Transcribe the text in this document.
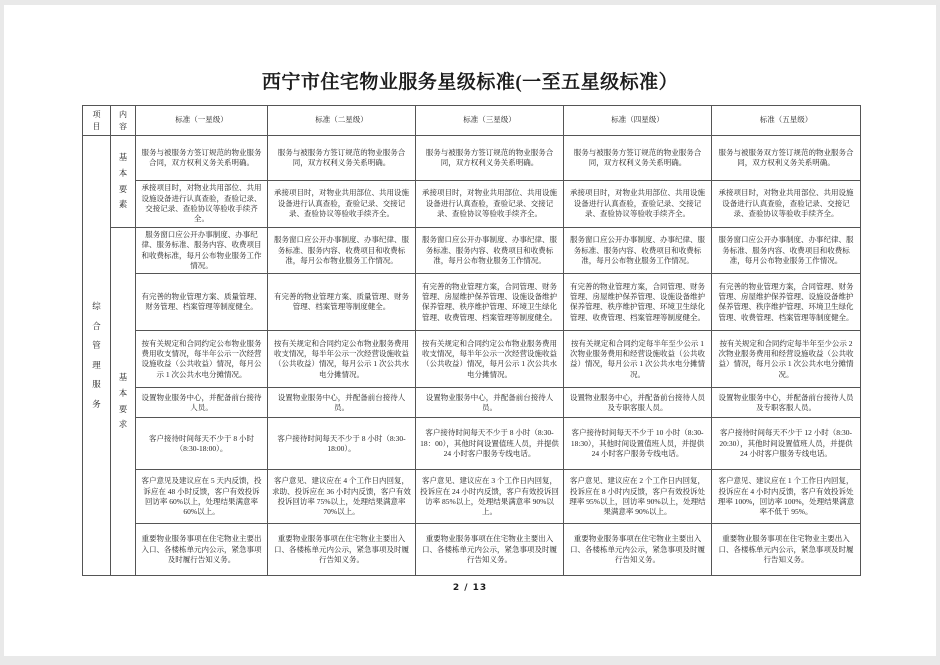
西宁市住宅物业服务星级标准(一至五星级标准）
项目	内容	标准（一星级）	标准（二星级）	标准（三星级）	标准（四星级）	标准（五星级）
综合管理服务	基本要素	服务与被服务方签订规范的物业服务合同，双方权利义务关系明确。	服务与被服务方签订规范的物业服务合同，双方权利义务关系明确。	服务与被服务方签订规范的物业服务合同，双方权利义务关系明确。	服务与被服务方签订规范的物业服务合同，双方权利义务关系明确。	服务与被服务双方签订规范的物业服务合同，双方权利义务关系明确。
		承接项目时，对物业共用部位、共用设施设备进行认真查验，查验记录、交接记录、查验协议等验收手续齐全。	承接项目时，对物业共用部位、共用设施设备进行认真查验，查验记录、交接记录、查验协议等验收手续齐全。	承接项目时，对物业共用部位、共用设施设备进行认真查验，查验记录、交接记录、查验协议等验收手续齐全。	承接项目时，对物业共用部位、共用设施设备进行认真查验，查验记录、交接记录、查验协议等验收手续齐全。	承接项目时，对物业共用部位、共用设施设备进行认真查验，查验记录、交接记录、查验协议等验收手续齐全。
	基本要求	服务窗口应公开办事制度、办事纪律、服务标准、服务内容、收费项目和收费标准，每月公布物业服务工作情况。	服务窗口应公开办事制度、办事纪律、服务标准、服务内容、收费项目和收费标准，每月公布物业服务工作情况。	服务窗口应公开办事制度、办事纪律、服务标准、服务内容、收费项目和收费标准，每月公布物业服务工作情况。	服务窗口应公开办事制度、办事纪律、服务标准、服务内容、收费项目和收费标准，每月公布物业服务工作情况。	服务窗口应公开办事制度、办事纪律、服务标准、服务内容、收费项目和收费标准，每月公布物业服务工作情况。
		有完善的物业管理方案、质量管理、财务管理、档案管理等制度健全。	有完善的物业管理方案、质量管理、财务管理、档案管理等制度健全。	有完善的物业管理方案，合同管理、财务管理、房屋维护保养管理、设施设备维护保养管理、秩序维护管理、环境卫生绿化管理、收费管理、档案管理等制度健全。	有完善的物业管理方案，合同管理、财务管理、房屋维护保养管理、设施设备维护保养管理、秩序维护管理、环境卫生绿化管理、收费管理、档案管理等制度健全。	有完善的物业管理方案，合同管理、财务管理、房屋维护保养管理、设施设备维护保养管理、秩序维护管理、环境卫生绿化管理、收费管理、档案管理等制度健全。
		按有关规定和合同约定公布物业服务费用收支情况，每半年公示一次经营设施收益（公共收益）情况，每月公示 1 次公共水电分摊情况。	按有关规定和合同约定公布物业服务费用收支情况，每半年公示一次经营设施收益（公共收益）情况，每月公示 1 次公共水电分摊情况。	按有关规定和合同约定公布物业服务费用收支情况，每半年公示一次经营设施收益（公共收益）情况，每月公示 1 次公共水电分摊情况。	按有关规定和合同约定每半年至少公示 1 次物业服务费用和经营设施收益（公共收益）情况，每月公示 1 次公共水电分摊情况。	按有关规定和合同约定每半年至少公示 2 次物业服务费用和经营设施收益（公共收益）情况，每月公示 1 次公共水电分摊情况。
		设置物业服务中心，并配备前台接待人员。	设置物业服务中心，并配备前台接待人员。	设置物业服务中心，并配备前台接待人员。	设置物业服务中心，并配备前台接待人员及专职客服人员。	设置物业服务中心，并配备前台接待人员及专职客服人员。
		客户接待时间每天不少于 8 小时（8:30-18:00）。	客户接待时间每天不少于 8 小时（8:30-18:00）。	客户接待时间每天不少于 8 小时（8:30-18：00），其他时间设置值班人员，并提供 24 小时客户服务专线电话。	客户接待时间每天不少于 10 小时（8:30-18:30），其他时间设置值班人员，并提供 24 小时客户服务专线电话。	客户接待时间每天不少于 12 小时（8:30-20:30），其他时间设置值班人员，并提供 24 小时客户服务专线电话。
		客户意见及建议应在 5 天内反馈，投诉应在 48 小时反馈，客户有效投诉回访率 60%以上，处理结果满意率 60%以上。	客户意见、建议应在 4 个工作日内回复，求助、投诉应在 36 小时内反馈，客户有效投诉回访率 75%以上，处理结果满意率 70%以上。	客户意见、建议应在 3 个工作日内回复，投诉应在 24 小时内反馈，客户有效投诉回访率 85%以上，处理结果满意率 90%以上。	客户意见、建议应在 2 个工作日内回复，投诉应在 8 小时内反馈，客户有效投诉处理率 95%以上，回访率 90%以上，处理结果满意率 90%以上。	客户意见、建议应在 1 个工作日内回复，投诉应在 4 小时内反馈，客户有效投诉处理率 100%，回访率 100%，处理结果满意率不低于 95%。
		重要物业服务事项在住宅物业主要出入口、各楼栋单元内公示，紧急事项及时履行告知义务。	重要物业服务事项在住宅物业主要出入口、各楼栋单元内公示，紧急事项及时履行告知义务。	重要物业服务事项在住宅物业主要出入口、各楼栋单元内公示，紧急事项及时履行告知义务。	重要物业服务事项在住宅物业主要出入口、各楼栋单元内公示，紧急事项及时履行告知义务。	重要物业服务事项在住宅物业主要出入口、各楼栋单元内公示，紧急事项及时履行告知义务。
2 / 13
